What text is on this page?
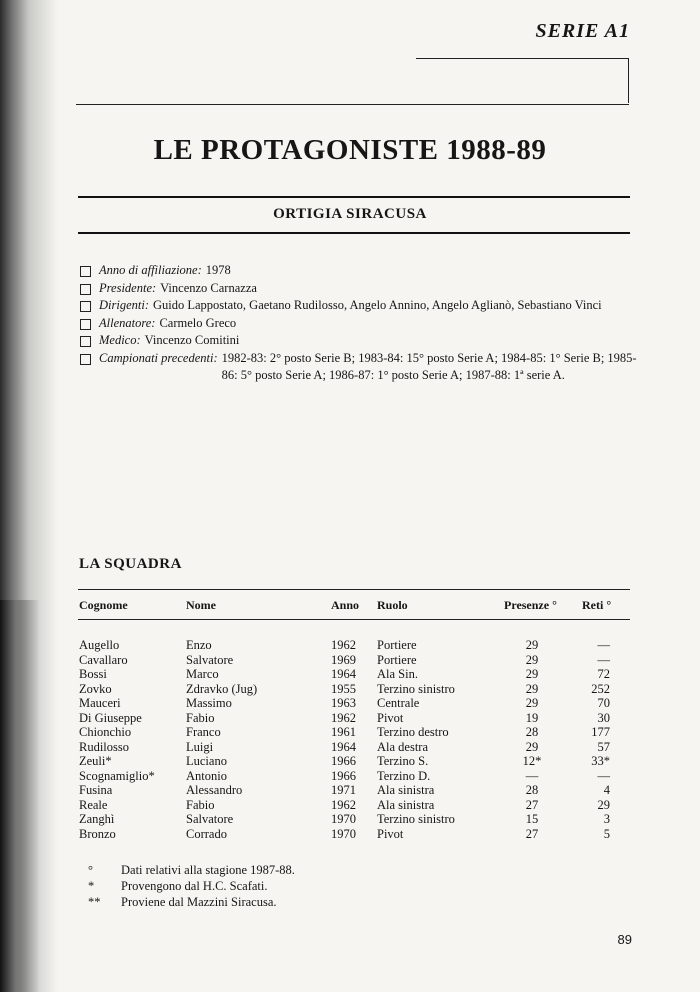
SERIE A1
LE PROTAGONISTE 1988-89
ORTIGIA SIRACUSA
Anno di affiliazione: 1978
Presidente: Vincenzo Carnazza
Dirigenti: Guido Lappostato, Gaetano Rudilosso, Angelo Annino, Angelo Aglianò, Sebastiano Vinci
Allenatore: Carmelo Greco
Medico: Vincenzo Comitini
Campionati precedenti: 1982-83: 2° posto Serie B; 1983-84: 15° posto Serie A; 1984-85: 1° Serie B; 1985-86: 5° posto Serie A; 1986-87: 1° posto Serie A; 1987-88: 1ª serie A.
LA SQUADRA
Cognome	Nome	Anno Ruolo	Presenze ° Reti °
Augello	Enzo	1962 Portiere	29	—
Cavallaro	Salvatore	1969 Portiere	29	—
Bossi	Marco	1964 Ala Sin.	29	72
Zovko	Zdravko (Jug)	1955 Terzino sinistro	29	252
Mauceri	Massimo	1963 Centrale	29	70
Di Giuseppe	Fabio	1962 Pivot	19	30
Chionchio	Franco	1961 Terzino destro	28	177
Rudilosso	Luigi	1964 Ala destra	29	57
Zeuli*	Luciano	1966 Terzino S.	12*	33*
Scognamiglio*	Antonio	1966 Terzino D.	—	—
Fusina	Alessandro	1971 Ala sinistra	28	4
Reale	Fabio	1962 Ala sinistra	27	29
Zanghì	Salvatore	1970 Terzino sinistro	15	3
Bronzo	Corrado	1970 Pivot	27	5
°	Dati relativi alla stagione 1987-88.
*	Provengono dal H.C. Scafati.
**	Proviene dal Mazzini Siracusa.
89
